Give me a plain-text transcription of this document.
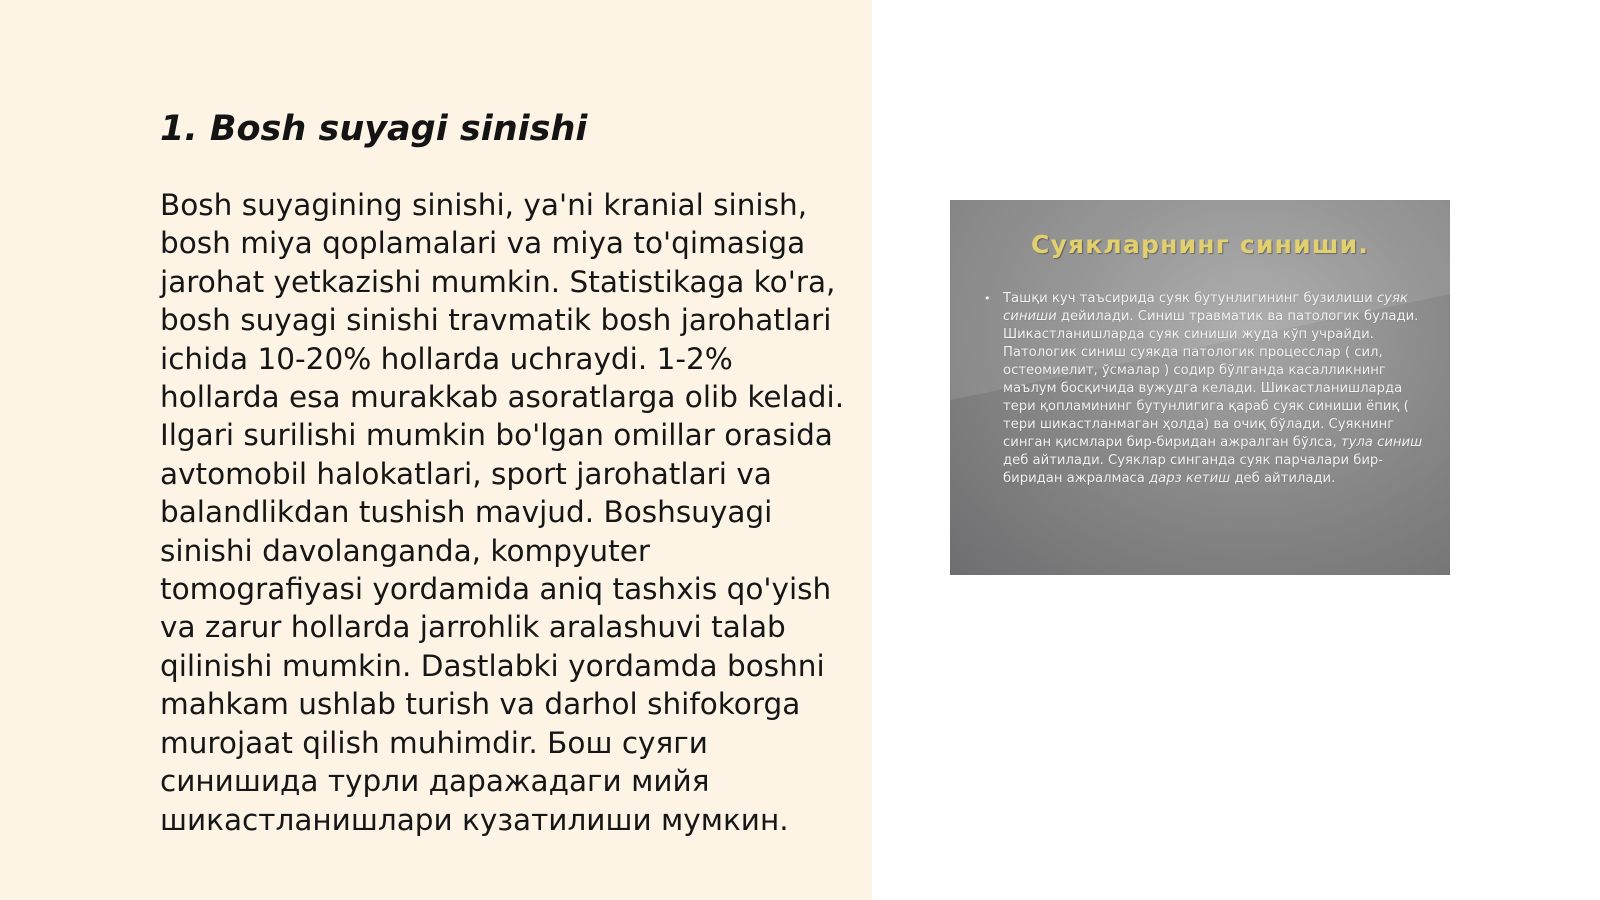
1. Bosh suyagi sinishi

Bosh suyagining sinishi, ya'ni kranial sinish, bosh miya qoplamalari va miya to'qimasiga jarohat yetkazishi mumkin. Statistikaga ko'ra, bosh suyagi sinishi travmatik bosh jarohatlari ichida 10-20% hollarda uchraydi. 1-2% hollarda esa murakkab asoratlarga olib keladi. Ilgari surilishi mumkin bo'lgan omillar orasida avtomobil halokatlari, sport jarohatlari va balandlikdan tushish mavjud. Boshsuyagi sinishi davolanganda, kompyuter tomografiyasi yordamida aniq tashxis qo'yish va zarur hollarda jarrohlik aralashuvi talab qilinishi mumkin. Dastlabki yordamda boshni mahkam ushlab turish va darhol shifokorga murojaat qilish muhimdir. Бош суяги синишида турли даражадаги мийя шикастланишлари кузатилиши мумкин.

Суякларнинг синиши.
• Ташқи куч таъсирида суяк бутунлигининг бузилиши суяк синиши дейилади. Синиш травматик ва патологик булади. Шикастланишларда суяк синиши жуда кўп учрайди. Патологик синиш суякда патологик процесслар ( сил, остеомиелит, ўсмалар ) содир бўлганда касалликнинг маълум босқичида вужудга келади. Шикастланишларда тери қопламининг бутунлигига қараб суяк синиши ёпиқ ( тери шикастланмаган ҳолда) ва очиқ бўлади. Суякнинг синган қисмлари бир-биридан ажралган бўлса, тула синиш деб айтилади. Суяклар синганда суяк парчалари бир-биридан ажралмаса дарз кетиш деб айтилади.
